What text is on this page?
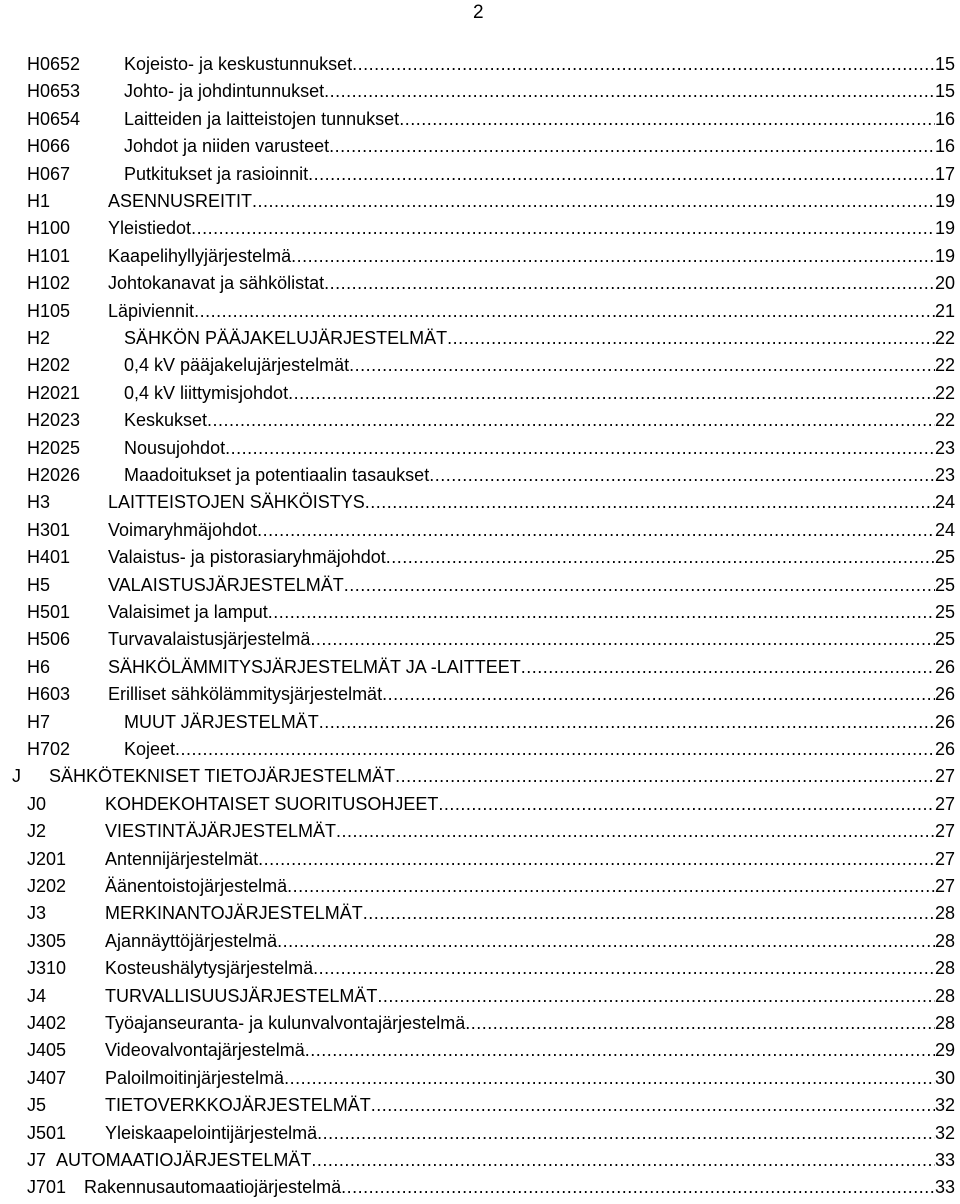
2
H0652 Kojeisto- ja keskustunnukset .....	15
H0653 Johto- ja johdintunnukset .....	15
H0654 Laitteiden ja laitteistojen tunnukset .....	16
H066	Johdot ja niiden varusteet .....	16
H067	Putkitukset ja rasioinnit .....	17
H1	ASENNUSREITIT .....	19
H100 Yleistiedot .....	19
H101 Kaapelihyllyjärjestelmä .....	19
H102 Johtokanavat ja sähkölistat .....	20
H105 Läpiviennit .....	21
H2	SÄHKÖN PÄÄJAKELUJÄRJESTELMÄT .....	22
H202	0,4 kV pääjakelujärjestelmät .....	22
H2021 0,4 kV liittymisjohdot .....	22
H2023 Keskukset .....	22
H2025 Nousujohdot .....	23
H2026 Maadoitukset ja potentiaalin tasaukset .....	23
H3	LAITTEISTOJEN SÄHKÖISTYS .....	24
H301 Voimaryhmäjohdot .....	24
H401 Valaistus- ja pistorasiaryhmäjohdot .....	25
H5	VALAISTUSJÄRJESTELMÄT .....	25
H501 Valaisimet ja lamput .....	25
H506 Turvavalaistusjärjestelmä .....	25
H6	SÄHKÖLÄMMITYSJÄRJESTELMÄT JA -LAITTEET .....	26
H603 Erilliset sähkölämmitysjärjestelmät .....	26
H7	MUUT JÄRJESTELMÄT .....	26
H702	Kojeet .....	26
J SÄHKÖTEKNISET TIETOJÄRJESTELMÄT .....	27
J0	KOHDEKOHTAISET SUORITUSOHJEET .....	27
J2	VIESTINTÄJÄRJESTELMÄT .....	27
J201 Antennijärjestelmät .....	27
J202 Äänentoistojärjestelmä .....	27
J3	MERKINANTOJÄRJESTELMÄT .....	28
J305 Ajannäyttöjärjestelmä .....	28
J310 Kosteushälytysjärjestelmä .....	28
J4	TURVALLISUUSJÄRJESTELMÄT .....	28
J402 Työajanseuranta- ja kulunvalvontajärjestelmä .....	28
J405 Videovalvontajärjestelmä .....	29
J407 Paloilmoitinjärjestelmä .....	30
J5	TIETOVERKKOJÄRJESTELMÄT .....	32
J501 Yleiskaapelointijärjestelmä .....	32
J7 AUTOMAATIOJÄRJESTELMÄT .....	33
J701 Rakennusautomaatiojärjestelmä .....	33
